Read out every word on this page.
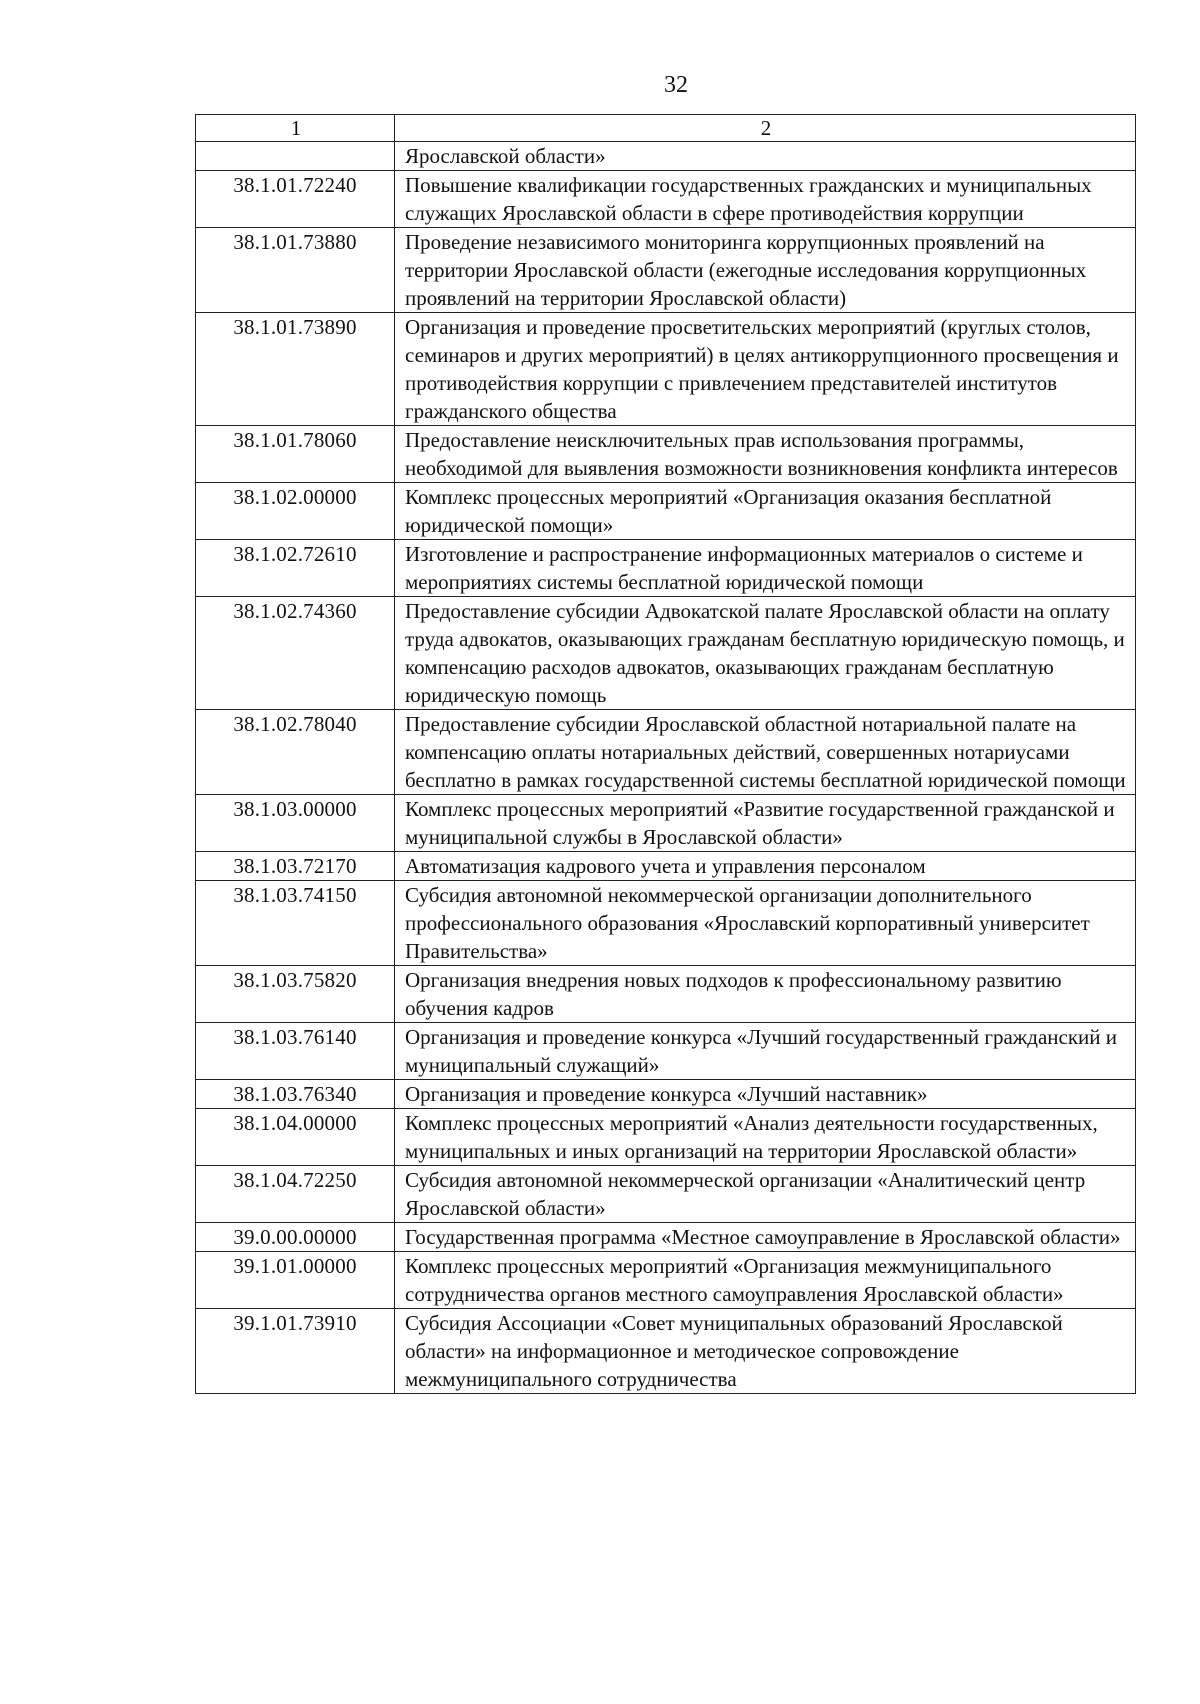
32
1	2
	Ярославской области»
38.1.01.72240	Повышение квалификации государственных гражданских и муниципальных служащих Ярославской области в сфере противодействия коррупции
38.1.01.73880	Проведение независимого мониторинга коррупционных проявлений на территории Ярославской области (ежегодные исследования коррупционных проявлений на территории Ярославской области)
38.1.01.73890	Организация и проведение просветительских мероприятий (круглых столов, семинаров и других мероприятий) в целях антикоррупционного просвещения и противодействия коррупции с привлечением представителей институтов гражданского общества
38.1.01.78060	Предоставление неисключительных прав использования программы, необходимой для выявления возможности возникновения конфликта интересов
38.1.02.00000	Комплекс процессных мероприятий «Организация оказания бесплатной юридической помощи»
38.1.02.72610	Изготовление и распространение информационных материалов о системе и мероприятиях системы бесплатной юридической помощи
38.1.02.74360	Предоставление субсидии Адвокатской палате Ярославской области на оплату труда адвокатов, оказывающих гражданам бесплатную юридическую помощь, и компенсацию расходов адвокатов, оказывающих гражданам бесплатную юридическую помощь
38.1.02.78040	Предоставление субсидии Ярославской областной нотариальной палате на компенсацию оплаты нотариальных действий, совершенных нотариусами бесплатно в рамках государственной системы бесплатной юридической помощи
38.1.03.00000	Комплекс процессных мероприятий «Развитие государственной гражданской и муниципальной службы в Ярославской области»
38.1.03.72170	Автоматизация кадрового учета и управления персоналом
38.1.03.74150	Субсидия автономной некоммерческой организации дополнительного профессионального образования «Ярославский корпоративный университет Правительства»
38.1.03.75820	Организация внедрения новых подходов к профессиональному развитию обучения кадров
38.1.03.76140	Организация и проведение конкурса «Лучший государственный гражданский и муниципальный служащий»
38.1.03.76340	Организация и проведение конкурса «Лучший наставник»
38.1.04.00000	Комплекс процессных мероприятий «Анализ деятельности государственных, муниципальных и иных организаций на территории Ярославской области»
38.1.04.72250	Субсидия автономной некоммерческой организации «Аналитический центр Ярославской области»
39.0.00.00000	Государственная программа «Местное самоуправление в Ярославской области»
39.1.01.00000	Комплекс процессных мероприятий «Организация межмуниципального сотрудничества органов местного самоуправления Ярославской области»
39.1.01.73910	Субсидия Ассоциации «Совет муниципальных образований Ярославской области» на информационное и методическое сопровождение межмуниципального сотрудничества
